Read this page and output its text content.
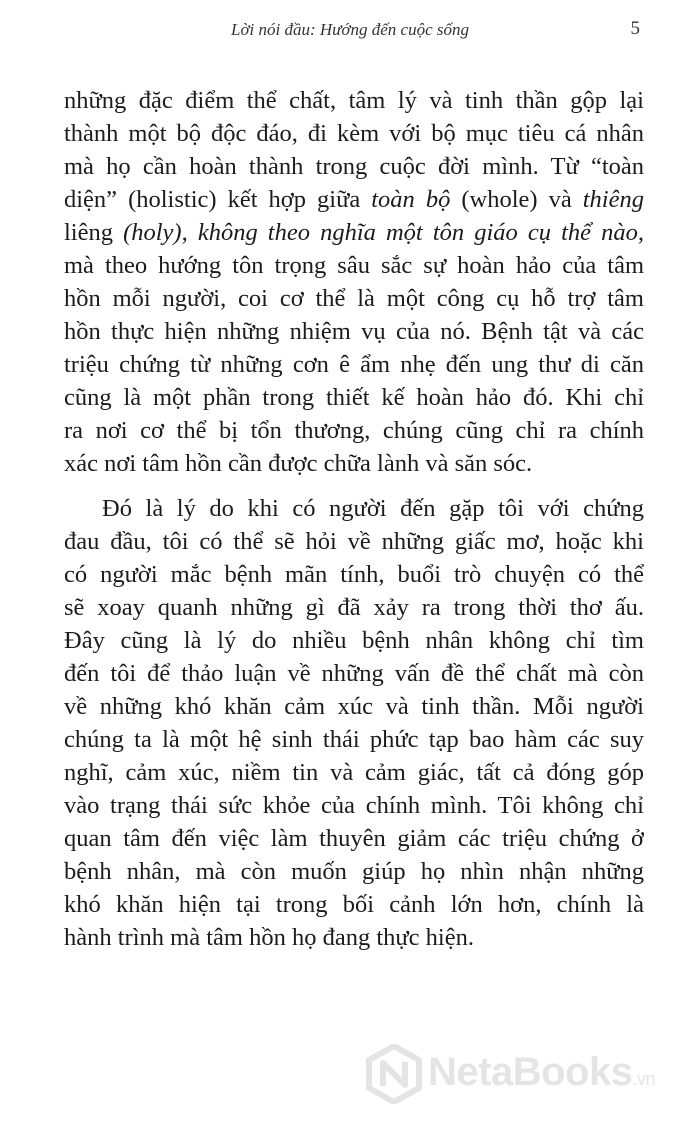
Lời nói đầu: Hướng đến cuộc sống	5
những đặc điểm thể chất, tâm lý và tinh thần gộp lại
thành một bộ độc đáo, đi kèm với bộ mục tiêu cá nhân
mà họ cần hoàn thành trong cuộc đời mình. Từ “toàn
diện” (holistic) kết hợp giữa toàn bộ (whole) và thiêng
liêng (holy), không theo nghĩa một tôn giáo cụ thể nào,
mà theo hướng tôn trọng sâu sắc sự hoàn hảo của tâm
hồn mỗi người, coi cơ thể là một công cụ hỗ trợ tâm
hồn thực hiện những nhiệm vụ của nó. Bệnh tật và các
triệu chứng từ những cơn ê ẩm nhẹ đến ung thư di căn
cũng là một phần trong thiết kế hoàn hảo đó. Khi chỉ
ra nơi cơ thể bị tổn thương, chúng cũng chỉ ra chính
xác nơi tâm hồn cần được chữa lành và săn sóc.
Đó là lý do khi có người đến gặp tôi với chứng
đau đầu, tôi có thể sẽ hỏi về những giấc mơ, hoặc khi
có người mắc bệnh mãn tính, buổi trò chuyện có thể
sẽ xoay quanh những gì đã xảy ra trong thời thơ ấu.
Đây cũng là lý do nhiều bệnh nhân không chỉ tìm
đến tôi để thảo luận về những vấn đề thể chất mà còn
về những khó khăn cảm xúc và tinh thần. Mỗi người
chúng ta là một hệ sinh thái phức tạp bao hàm các suy
nghĩ, cảm xúc, niềm tin và cảm giác, tất cả đóng góp
vào trạng thái sức khỏe của chính mình. Tôi không chỉ
quan tâm đến việc làm thuyên giảm các triệu chứng ở
bệnh nhân, mà còn muốn giúp họ nhìn nhận những
khó khăn hiện tại trong bối cảnh lớn hơn, chính là
hành trình mà tâm hồn họ đang thực hiện.
NetaBooks.vn
